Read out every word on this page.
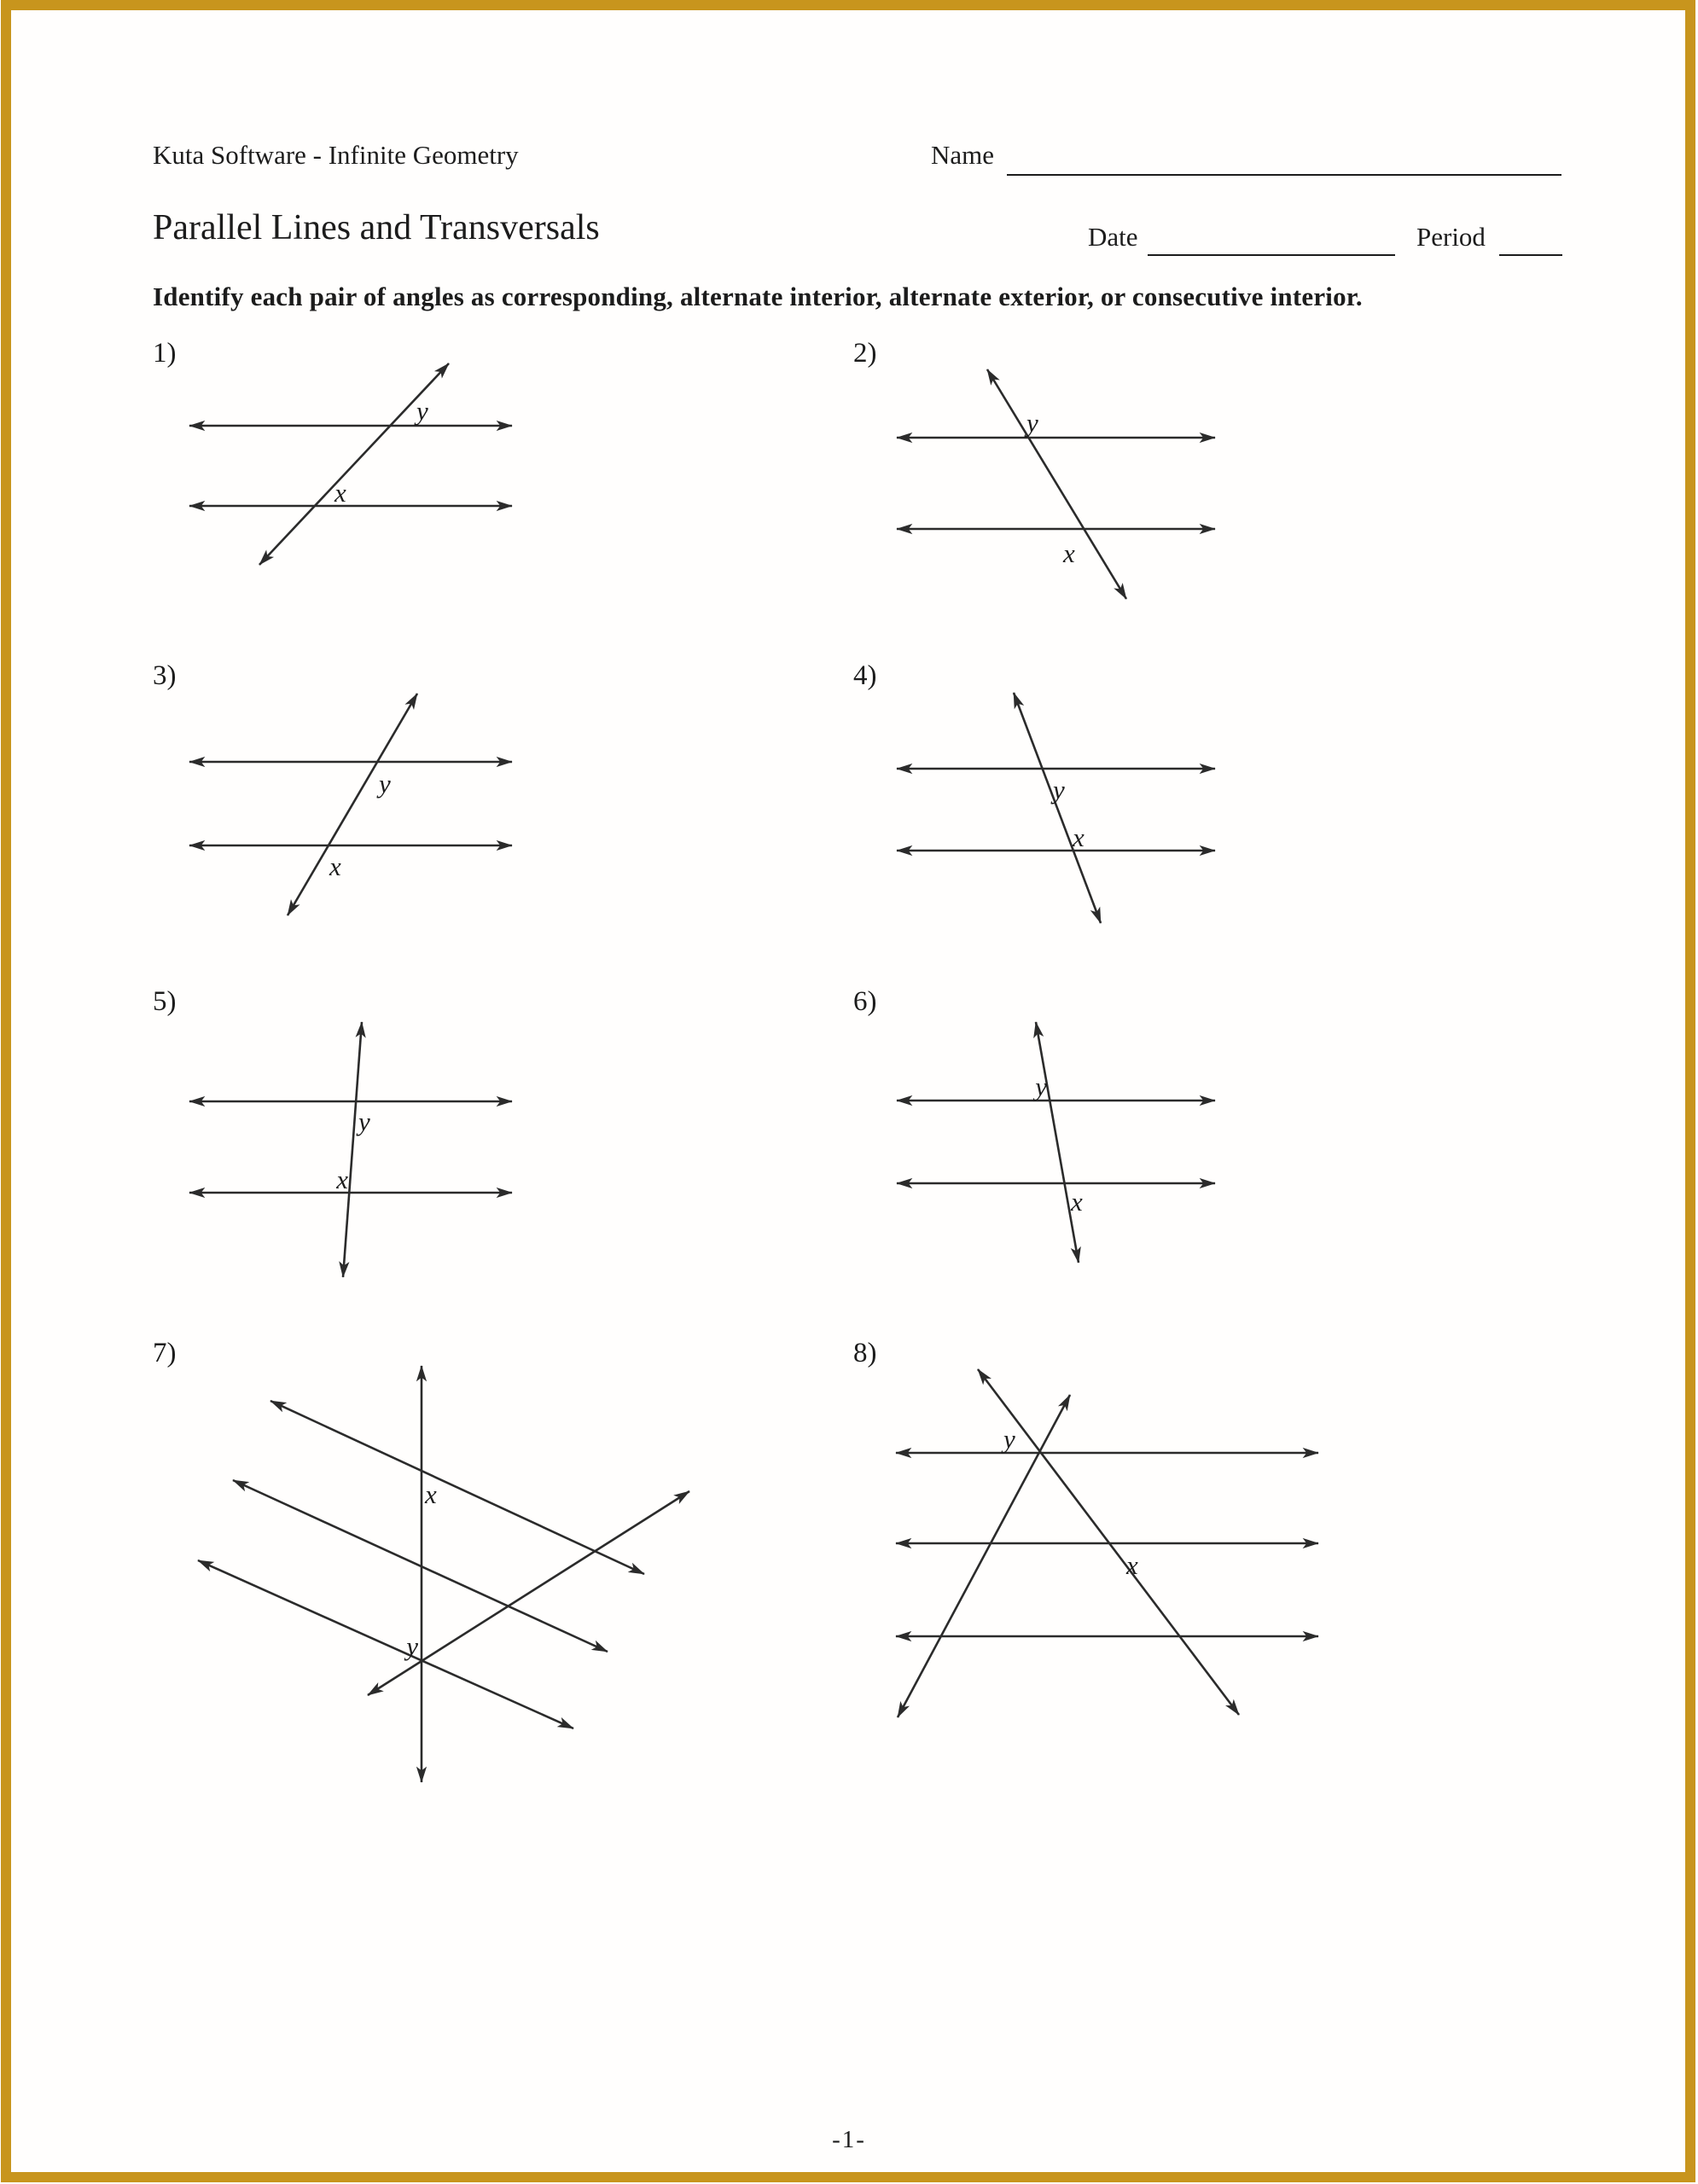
Kuta Software - Infinite Geometry	Name
Parallel Lines and Transversals	Date	Period
Identify each pair of angles as corresponding, alternate interior, alternate exterior, or consecutive interior.
1)
y
x
2)
y
x
3)
y
x
4)
y
x
5)
y
x
6)
y
x
7)
x
y
8)
y
x
-1-
